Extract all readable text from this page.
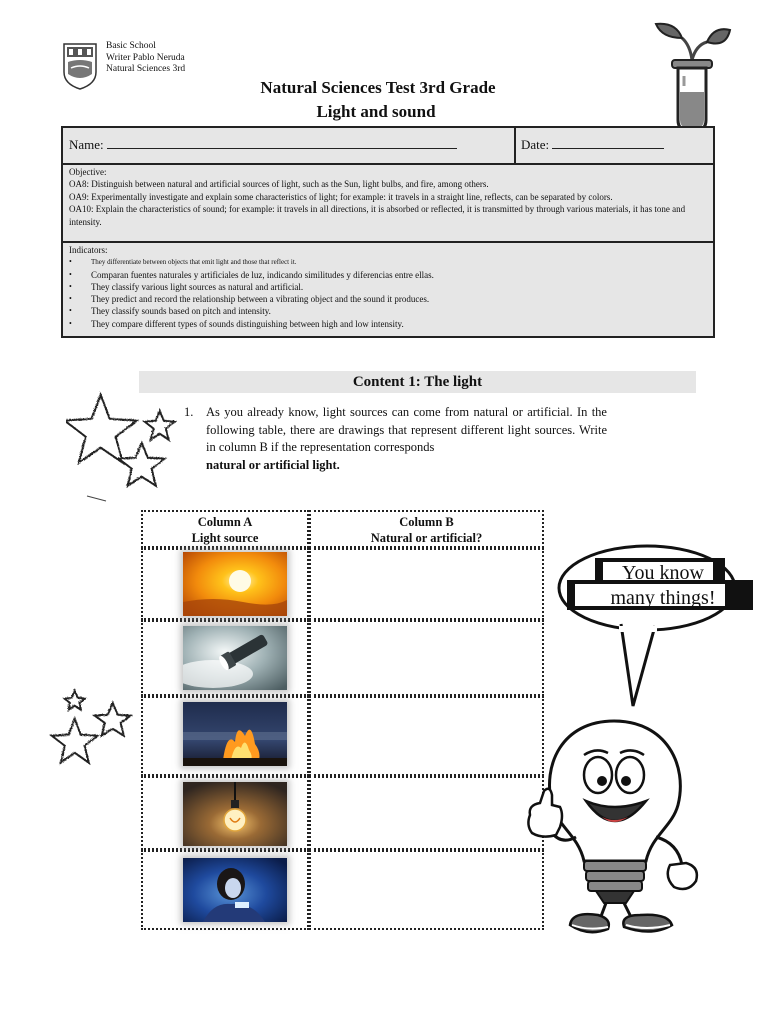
Basic School
Writer Pablo Neruda
Natural Sciences 3rd
Natural Sciences Test 3rd Grade
Light and sound
Name:	Date:
Objective:
OA8: Distinguish between natural and artificial sources of light, such as the Sun, light bulbs, and fire, among others.
OA9: Experimentally investigate and explain some characteristics of light; for example: it travels in a straight line, reflects, can be separated by colors.
OA10: Explain the characteristics of sound; for example: it travels in all directions, it is absorbed or reflected, it is transmitted by through various materials, it has tone and intensity.
Indicators:
• They differentiate between objects that emit light and those that reflect it.
• Comparan fuentes naturales y artificiales de luz, indicando similitudes y diferencias entre ellas.
• They classify various light sources as natural and artificial.
• They predict and record the relationship between a vibrating object and the sound it produces.
• They classify sounds based on pitch and intensity.
• They compare different types of sounds distinguishing between high and low intensity.
Content 1: The light
1. As you already know, light sources can come from natural or artificial. In the following table, there are drawings that represent different light sources. Write in column B if the representation corresponds
natural or artificial light.
Column A
Light source
Column B
Natural or artificial?
You know
many things!
